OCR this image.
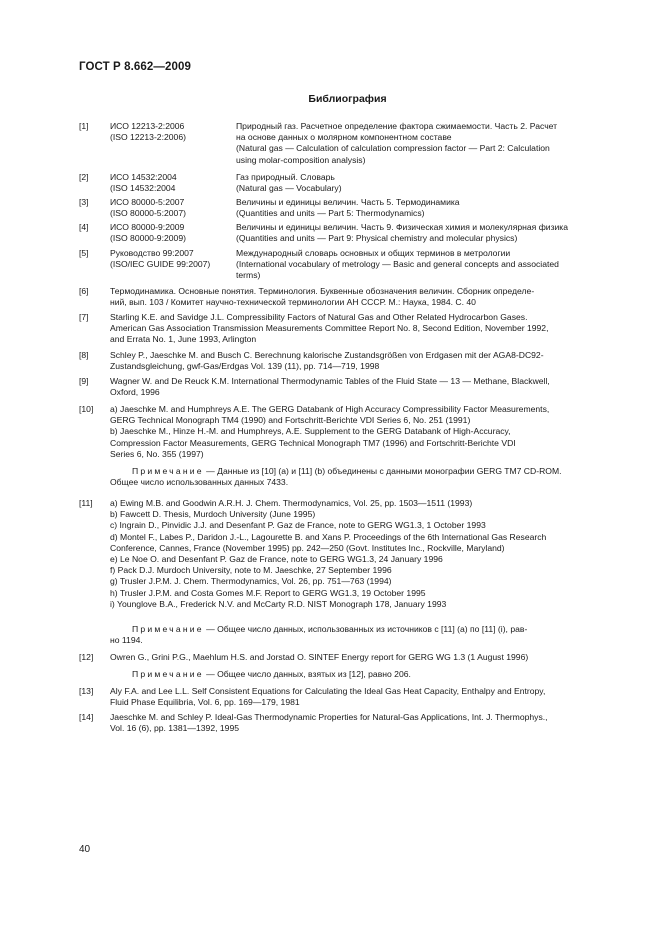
ГОСТ Р 8.662—2009
Библиография
[1] ИСО 12213-2:2006
(ISO 12213-2:2006)
Природный газ. Расчетное определение фактора сжимаемости. Часть 2. Расчет
на основе данных о молярном компонентном составе
(Natural gas — Calculation of calculation compression factor — Part 2: Calculation
using molar-composition analysis)
[2] ИСО 14532:2004
(ISO 14532:2004
Газ природный. Словарь
(Natural gas — Vocabulary)
[3] ИСО 80000-5:2007
(ISO 80000-5:2007)
Величины и единицы величин. Часть 5. Термодинамика
(Quantities and units — Part 5: Thermodynamics)
[4] ИСО 80000-9:2009
(ISO 80000-9:2009)
Величины и единицы величин. Часть 9. Физическая химия и молекулярная физика
(Quantities and units — Part 9: Physical chemistry and molecular physics)
[5] Руководство 99:2007
(ISO/IEC GUIDE 99:2007)
Международный словарь основных и общих терминов в метрологии
(International vocabulary of metrology — Basic and general concepts and associated
terms)
[6] Термодинамика. Основные понятия. Терминология. Буквенные обозначения величин. Сборник определе-
ний, вып. 103 / Комитет научно-технической терминологии АН СССР. М.: Наука, 1984. С. 40
[7] Starling K.E. and Savidge J.L. Compressibility Factors of Natural Gas and Other Related Hydrocarbon Gases.
American Gas Association Transmission Measurements Committee Report No. 8, Second Edition, November 1992,
and Errata No. 1, June 1993, Arlington
[8] Schley P., Jaeschke M. and Busch C. Berechnung kalorische Zustandsgrößen von Erdgasen mit der AGA8-DC92-
Zustandsgleichung, gwf-Gas/Erdgas Vol. 139 (11), pp. 714—719, 1998
[9] Wagner W. and De Reuck K.M. International Thermodynamic Tables of the Fluid State — 13 — Methane, Blackwell,
Oxford, 1996
[10] a) Jaeschke M. and Humphreys A.E. The GERG Databank of High Accuracy Compressibility Factor Measurements,
GERG Technical Monograph TM4 (1990) and Fortschritt-Berichte VDI Series 6, No. 251 (1991)
b) Jaeschke M., Hinze H.-M. and Humphreys, A.E. Supplement to the GERG Databank of High-Accuracy,
Compression Factor Measurements, GERG Technical Monograph TM7 (1996) and Fortschritt-Berichte VDI
Series 6, No. 355 (1997)
Примечание — Данные из [10] (а) и [11] (b) объединены с данными монографии GERG TM7 CD-ROM.
Общее число использованных данных 7433.
[11] a) Ewing M.B. and Goodwin A.R.H. J. Chem. Thermodynamics, Vol. 25, pp. 1503—1511 (1993)
b) Fawcett D. Thesis, Murdoch University (June 1995)
c) Ingrain D., Pinvidic J.J. and Desenfant P. Gaz de France, note to GERG WG1.3, 1 October 1993
d) Montel F., Labes P., Daridon J.-L., Lagourette B. and Xans P. Proceedings of the 6th International Gas Research
Conference, Cannes, France (November 1995) pp. 242—250 (Govt. Institutes Inc., Rockville, Maryland)
e) Le Noe O. and Desenfant P. Gaz de France, note to GERG WG1.3, 24 January 1996
f) Pack D.J. Murdoch University, note to M. Jaeschke, 27 September 1996
g) Trusler J.P.M. J. Chem. Thermodynamics, Vol. 26, pp. 751—763 (1994)
h) Trusler J.P.M. and Costa Gomes M.F. Report to GERG WG1.3, 19 October 1995
i) Younglove B.A., Frederick N.V. and McCarty R.D. NIST Monograph 178, January 1993
Примечание — Общее число данных, использованных из источников с [11] (a) по [11] (i), рав-
но 1194.
[12] Owren G., Grini P.G., Maehlum H.S. and Jorstad O. SINTEF Energy report for GERG WG 1.3 (1 August 1996)
Примечание — Общее число данных, взятых из [12], равно 206.
[13] Aly F.A. and Lee L.L. Self Consistent Equations for Calculating the Ideal Gas Heat Capacity, Enthalpy and Entropy,
Fluid Phase Equilibria, Vol. 6, pp. 169—179, 1981
[14] Jaeschke M. and Schley P. Ideal-Gas Thermodynamic Properties for Natural-Gas Applications, Int. J. Thermophys.,
Vol. 16 (6), pp. 1381—1392, 1995
40
